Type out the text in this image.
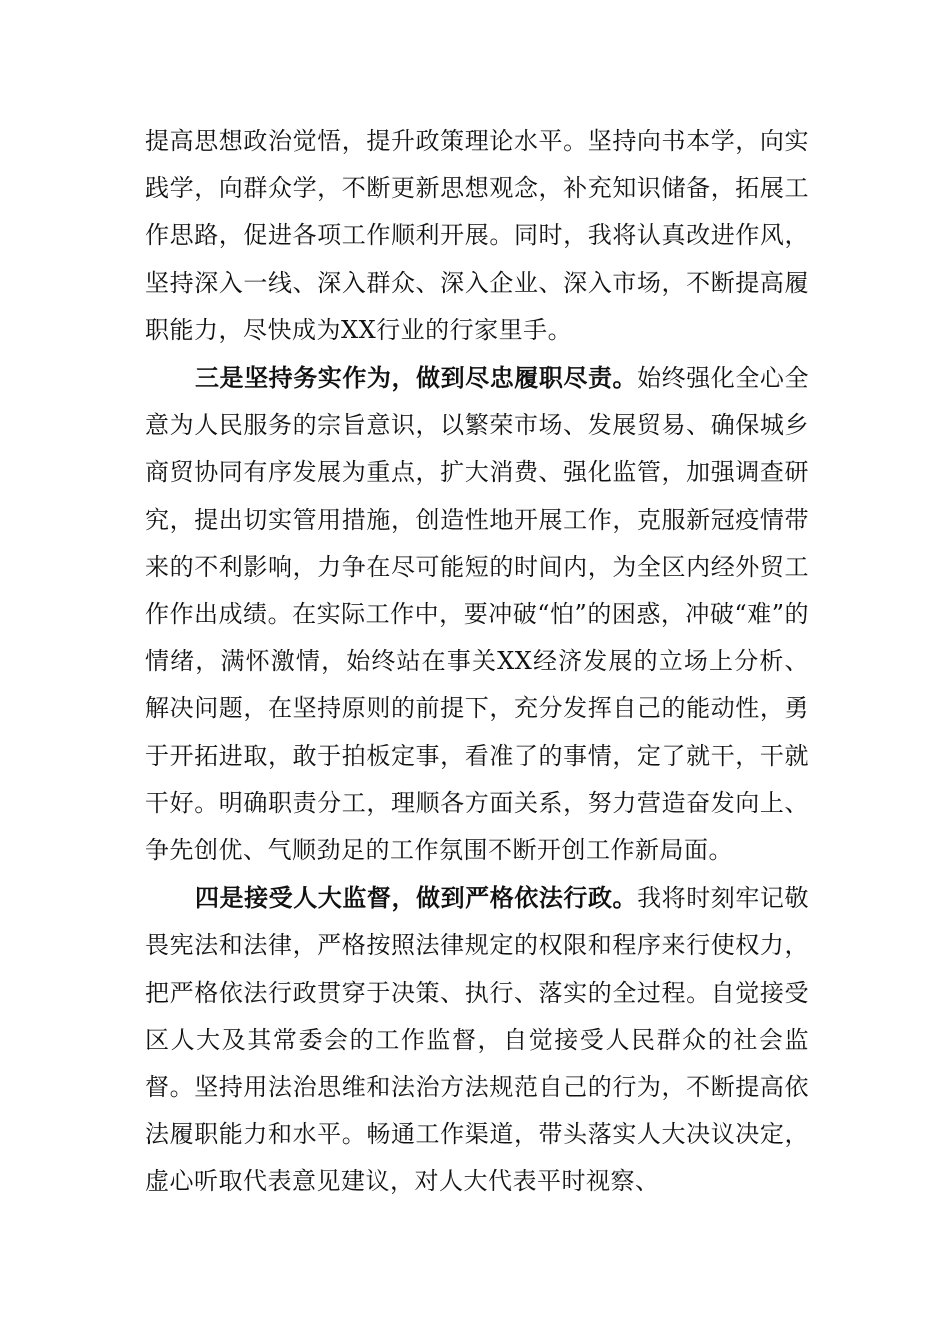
提高思想政治觉悟，提升政策理论水平。坚持向书本学，向实践学，向群众学，不断更新思想观念，补充知识储备，拓展工作思路，促进各项工作顺利开展。同时，我将认真改进作风，坚持深入一线、深入群众、深入企业、深入市场，不断提高履职能力，尽快成为XX行业的行家里手。

三是坚持务实作为，做到尽忠履职尽责。始终强化全心全意为人民服务的宗旨意识，以繁荣市场、发展贸易、确保城乡商贸协同有序发展为重点，扩大消费、强化监管，加强调查研究，提出切实管用措施，创造性地开展工作，克服新冠疫情带来的不利影响，力争在尽可能短的时间内，为全区内经外贸工作作出成绩。在实际工作中，要冲破“怕”的困惑，冲破“难”的情绪，满怀激情，始终站在事关XX经济发展的立场上分析、解决问题，在坚持原则的前提下，充分发挥自己的能动性，勇于开拓进取，敢于拍板定事，看准了的事情，定了就干，干就干好。明确职责分工，理顺各方面关系，努力营造奋发向上、争先创优、气顺劲足的工作氛围不断开创工作新局面。

四是接受人大监督，做到严格依法行政。我将时刻牢记敬畏宪法和法律，严格按照法律规定的权限和程序来行使权力，把严格依法行政贯穿于决策、执行、落实的全过程。自觉接受区人大及其常委会的工作监督，自觉接受人民群众的社会监督。坚持用法治思维和法治方法规范自己的行为，不断提高依法履职能力和水平。畅通工作渠道，带头落实人大决议决定，虚心听取代表意见建议，对人大代表平时视察、
